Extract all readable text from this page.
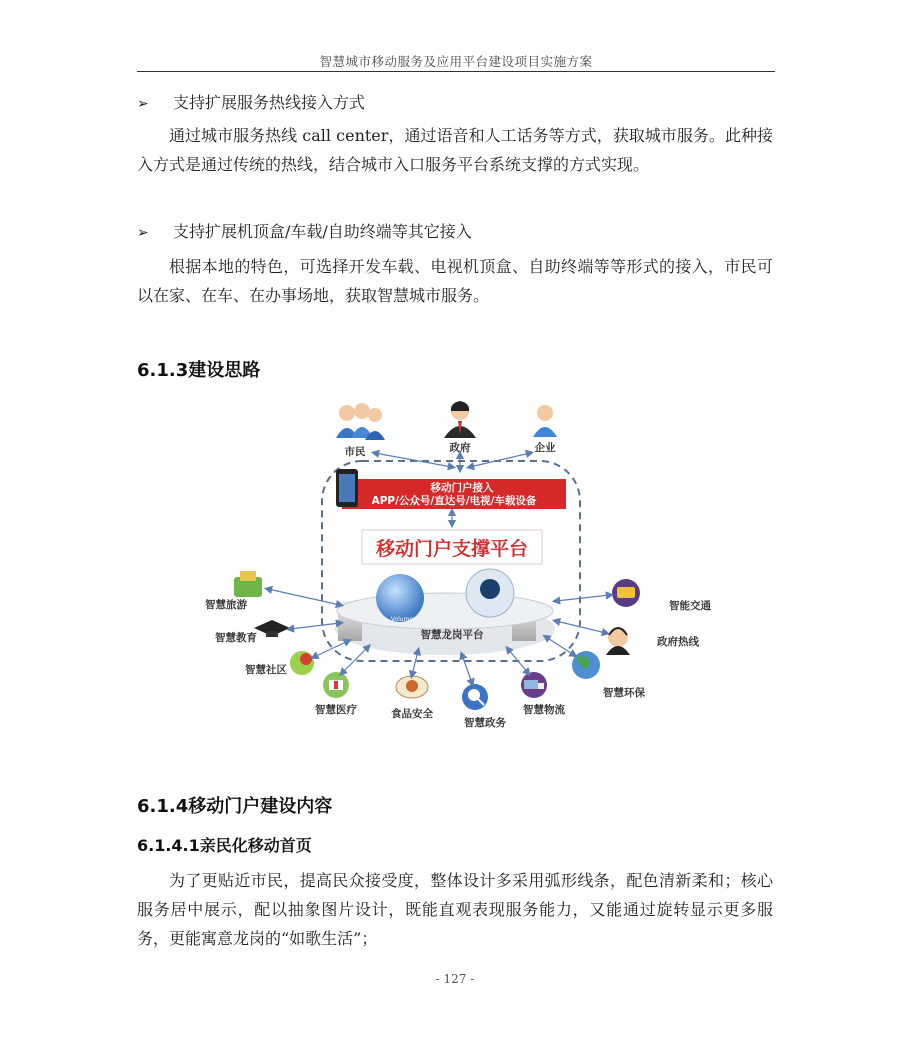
智慧城市移动服务及应用平台建设项目实施方案
➢ 支持扩展服务热线接入方式
通过城市服务热线 call center，通过语音和人工话务等方式，获取城市服务。此种接入方式是通过传统的热线，结合城市入口服务平台系统支撑的方式实现。
➢ 支持扩展机顶盒/车载/自助终端等其它接入
根据本地的特色，可选择开发车载、电视机顶盒、自助终端等等形式的接入，市民可以在家、在车、在办事场地，获取智慧城市服务。
6.1.3建设思路
市民	政府	企业
移动门户接入
APP/公众号/直达号/电视/车载设备
移动门户支撑平台
Volume
智慧龙岗平台
智慧旅游
智慧教育
智慧社区
智慧医疗	食品安全
智慧政务
智慧物流
智能交通
政府热线
智慧环保
6.1.4移动门户建设内容
6.1.4.1亲民化移动首页
为了更贴近市民，提高民众接受度，整体设计多采用弧形线条，配色清新柔和；核心服务居中展示，配以抽象图片设计，既能直观表现服务能力，又能通过旋转显示更多服务，更能寓意龙岗的“如歌生活”；
- 127 -
